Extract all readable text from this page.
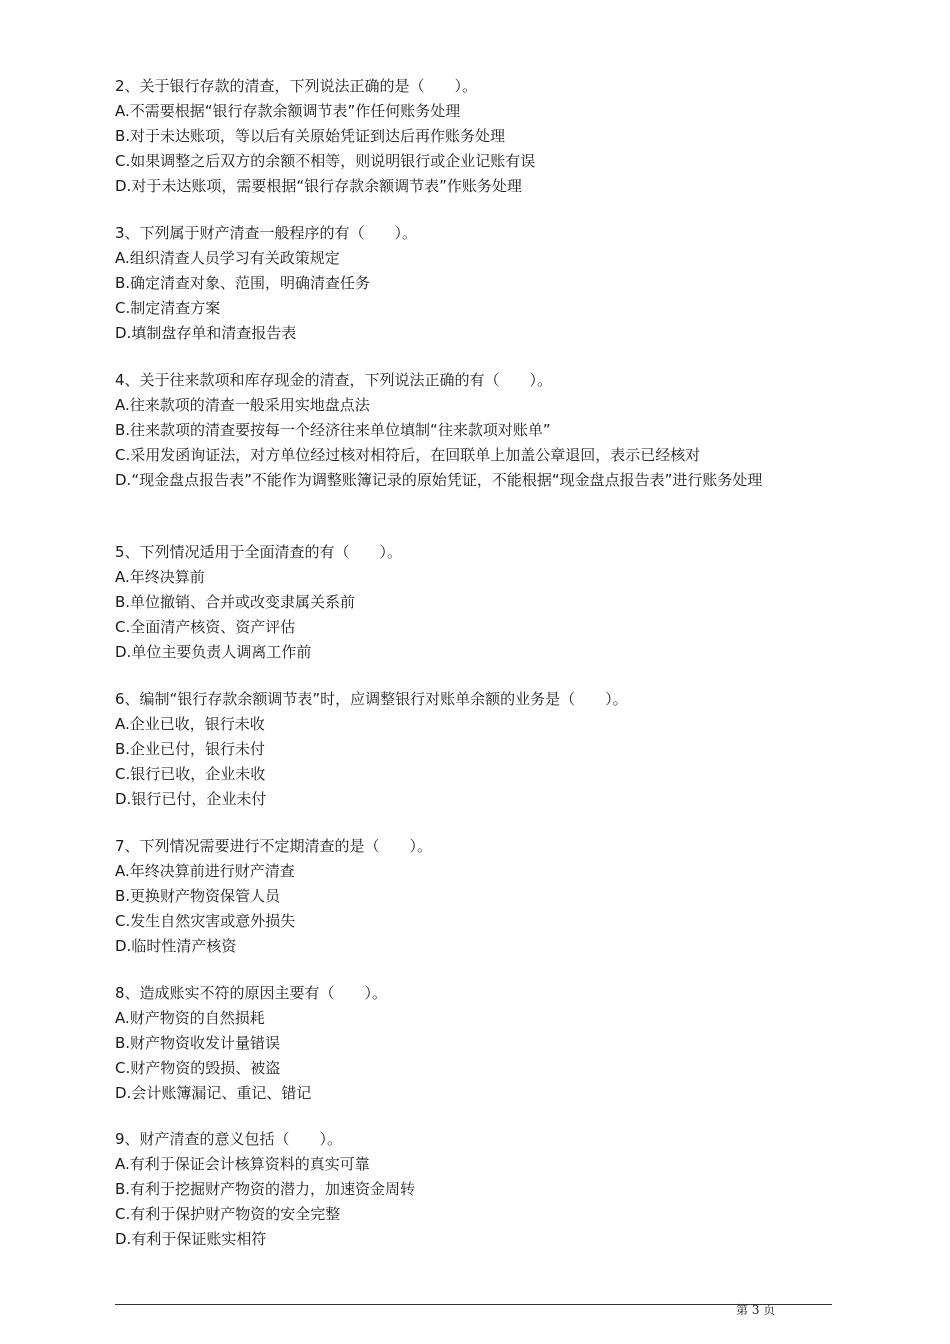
2、关于银行存款的清查，下列说法正确的是（　　）。
A.不需要根据“银行存款余额调节表”作任何账务处理
B.对于未达账项，等以后有关原始凭证到达后再作账务处理
C.如果调整之后双方的余额不相等，则说明银行或企业记账有误
D.对于未达账项，需要根据“银行存款余额调节表”作账务处理
3、下列属于财产清查一般程序的有（　　）。
A.组织清查人员学习有关政策规定
B.确定清查对象、范围，明确清查任务
C.制定清查方案
D.填制盘存单和清查报告表
4、关于往来款项和库存现金的清查，下列说法正确的有（　　）。
A.往来款项的清查一般采用实地盘点法
B.往来款项的清查要按每一个经济往来单位填制“往来款项对账单”
C.采用发函询证法，对方单位经过核对相符后，在回联单上加盖公章退回，表示已经核对
D.“现金盘点报告表”不能作为调整账簿记录的原始凭证，不能根据“现金盘点报告表”进行账务处理
5、下列情况适用于全面清查的有（　　）。
A.年终决算前
B.单位撤销、合并或改变隶属关系前
C.全面清产核资、资产评估
D.单位主要负责人调离工作前
6、编制“银行存款余额调节表”时，应调整银行对账单余额的业务是（　　）。
A.企业已收，银行未收
B.企业已付，银行未付
C.银行已收，企业未收
D.银行已付，企业未付
7、下列情况需要进行不定期清查的是（　　）。
A.年终决算前进行财产清查
B.更换财产物资保管人员
C.发生自然灾害或意外损失
D.临时性清产核资
8、造成账实不符的原因主要有（　　）。
A.财产物资的自然损耗
B.财产物资收发计量错误
C.财产物资的毁损、被盗
D.会计账簿漏记、重记、错记
9、财产清查的意义包括（　　）。
A.有利于保证会计核算资料的真实可靠
B.有利于挖掘财产物资的潜力，加速资金周转
C.有利于保护财产物资的安全完整
D.有利于保证账实相符
第 3 页
